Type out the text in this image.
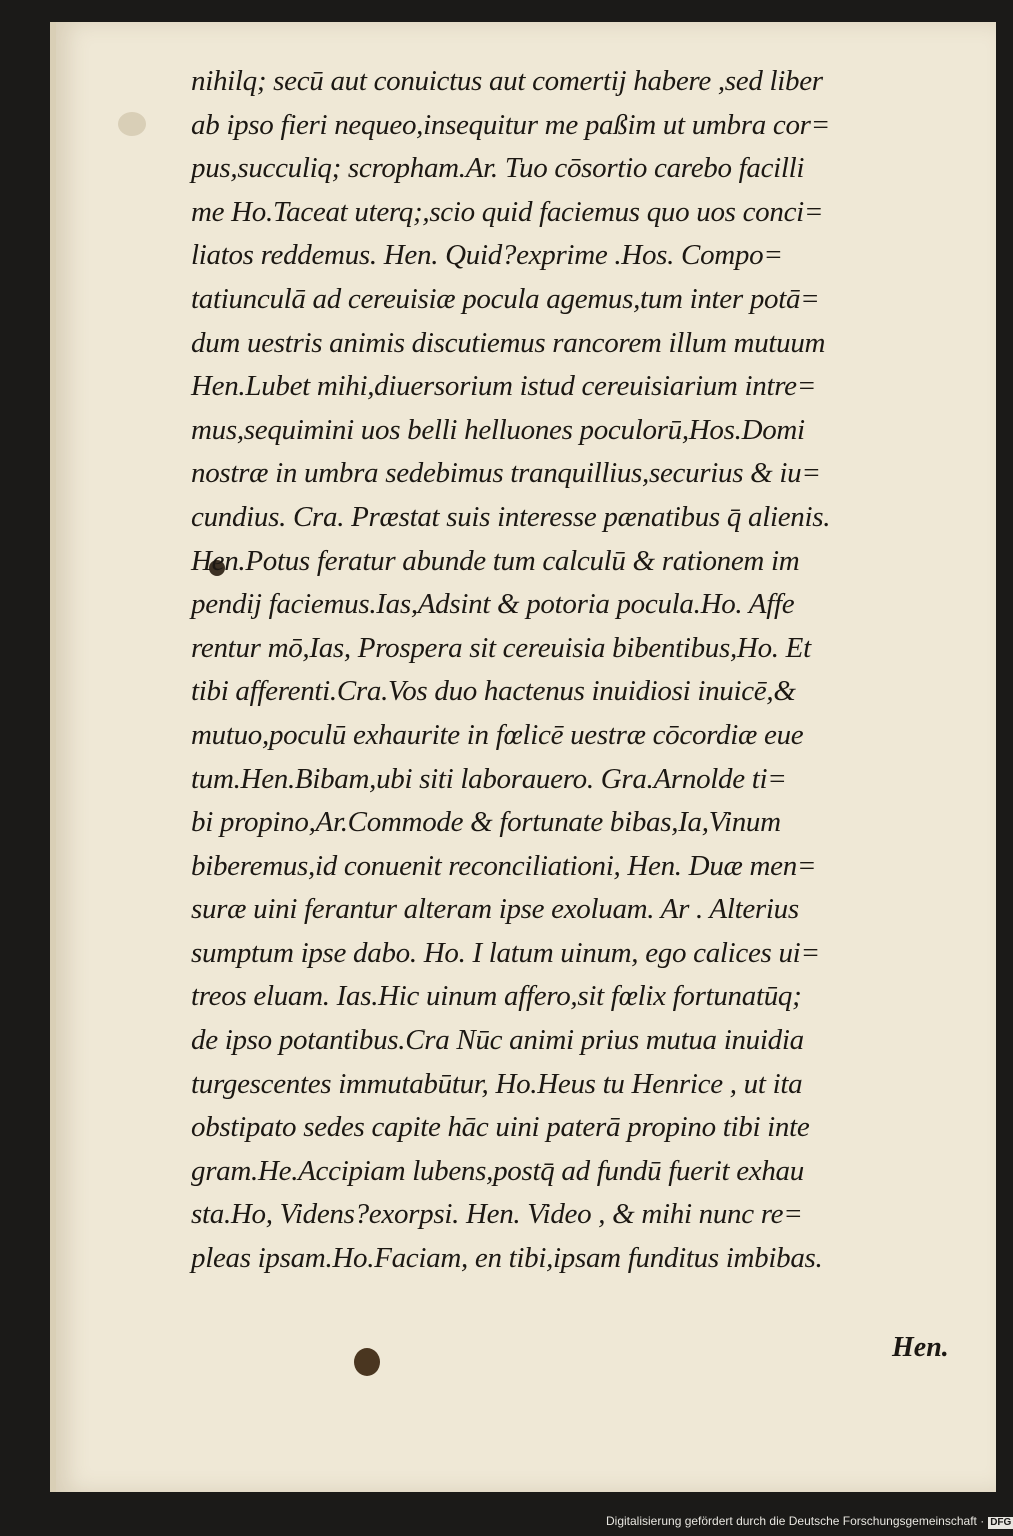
nihilq; secū aut conuictus aut comertij habere ,sed liber
ab ipso fieri nequeo,insequitur me paßim ut umbra cor=
pus,succuliq; scropham.Ar. Tuo cōsortio carebo facilli
me Ho.Taceat uterq;,scio quid faciemus quo uos conci=
liatos reddemus. Hen. Quid?exprime .Hos. Compo=
tatiunculā ad cereuisiæ pocula agemus,tum inter potā=
dum uestris animis discutiemus rancorem illum mutuum
Hen.Lubet mihi,diuersorium istud cereuisiarium intre=
mus,sequimini uos belli helluones poculorū,Hos.Domi
nostræ in umbra sedebimus tranquillius,securius & iu=
cundius. Cra. Præstat suis interesse pænatibus q̄ alienis.
Hen.Potus feratur abunde tum calculū & rationem im
pendij faciemus.Ias,Adsint & potoria pocula.Ho. Affe
rentur mō,Ias, Prospera sit cereuisia bibentibus,Ho. Et
tibi afferenti.Cra.Vos duo hactenus inuidiosi inuicē,&
mutuo,poculū exhaurite in fœlicē uestræ cōcordiæ eue
tum.Hen.Bibam,ubi siti laborauero. Gra.Arnolde ti=
bi propino,Ar.Commode & fortunate bibas,Ia,Vinum
biberemus,id conuenit reconciliationi, Hen. Duæ men=
suræ uini ferantur alteram ipse exoluam. Ar . Alterius
sumptum ipse dabo. Ho. I latum uinum, ego calices ui=
treos eluam. Ias.Hic uinum affero,sit fœlix fortunatūq;
de ipso potantibus.Cra Nūc animi prius mutua inuidia
turgescentes immutabūtur, Ho.Heus tu Henrice , ut ita
obstipato sedes capite hāc uini paterā propino tibi inte
gram.He.Accipiam lubens,postq̄ ad fundū fuerit exhau
sta.Ho, Videns?exorpsi. Hen. Video , & mihi nunc re=
pleas ipsam.Ho.Faciam, en tibi,ipsam funditus imbibas.
Hen.
Digitalisierung gefördert durch die Deutsche Forschungsgemeinschaft · DFG
